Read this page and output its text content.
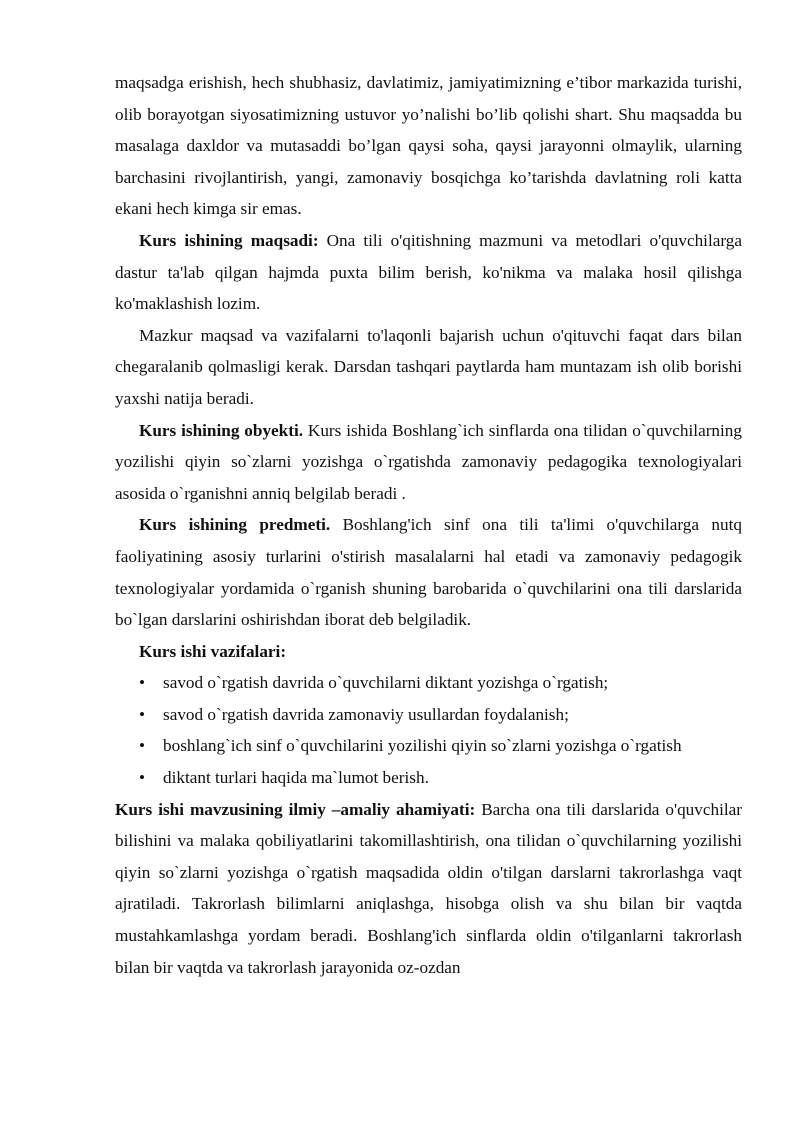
maqsadga erishish, hech shubhasiz, davlatimiz, jamiyatimizning e’tibor markazida turishi, olib borayotgan siyosatimizning ustuvor yo’nalishi bo’lib qolishi shart. Shu maqsadda bu masalaga daxldor va mutasaddi bo’lgan qaysi soha, qaysi jarayonni olmaylik, ularning barchasini rivojlantirish, yangi, zamonaviy bosqichga ko’tarishda davlatning roli katta ekani hech kimga sir emas.

Kurs ishining maqsadi: Ona tili o'qitishning mazmuni va metodlari o'quvchilarga dastur ta'lab qilgan hajmda puxta bilim berish, ko'nikma va malaka hosil qilishga ko'maklashish lozim.

Mazkur maqsad va vazifalarni to'laqonli bajarish uchun o'qituvchi faqat dars bilan chegaralanib qolmasligi kerak. Darsdan tashqari paytlarda ham muntazam ish olib borishi yaxshi natija beradi.

Kurs ishining obyekti. Kurs ishida Boshlang`ich sinflarda ona tilidan o`quvchilarning yozilishi qiyin so`zlarni yozishga o`rgatishda zamonaviy pedagogika texnologiyalari asosida o`rganishni anniq belgilab beradi .

Kurs ishining predmeti. Boshlang'ich sinf ona tili ta'limi o'quvchilarga nutq faoliyatining asosiy turlarini o'stirish masalalarni hal etadi va zamonaviy pedagogik texnologiyalar yordamida o`rganish shuning barobarida o`quvchilarini ona tili darslarida bo`lgan darslarini oshirishdan iborat deb belgiladik.

Kurs ishi vazifalari:

• savod o`rgatish davrida o`quvchilarni diktant yozishga o`rgatish;
• savod o`rgatish davrida zamonaviy usullardan foydalanish;
• boshlang`ich sinf o`quvchilarini yozilishi qiyin so`zlarni yozishga o`rgatish
• diktant turlari haqida ma`lumot berish.

Kurs ishi mavzusining ilmiy –amaliy ahamiyati: Barcha ona tili darslarida o'quvchilar bilishini va malaka qobiliyatlarini takomillashtirish, ona tilidan o`quvchilarning yozilishi qiyin so`zlarni yozishga o`rgatish maqsadida oldin o'tilgan darslarni takrorlashga vaqt ajratiladi. Takrorlash bilimlarni aniqlashga, hisobga olish va shu bilan bir vaqtda mustahkamlashga yordam beradi. Boshlang'ich sinflarda oldin o'tilganlarni takrorlash bilan bir vaqtda va takrorlash jarayonida oz-ozdan
